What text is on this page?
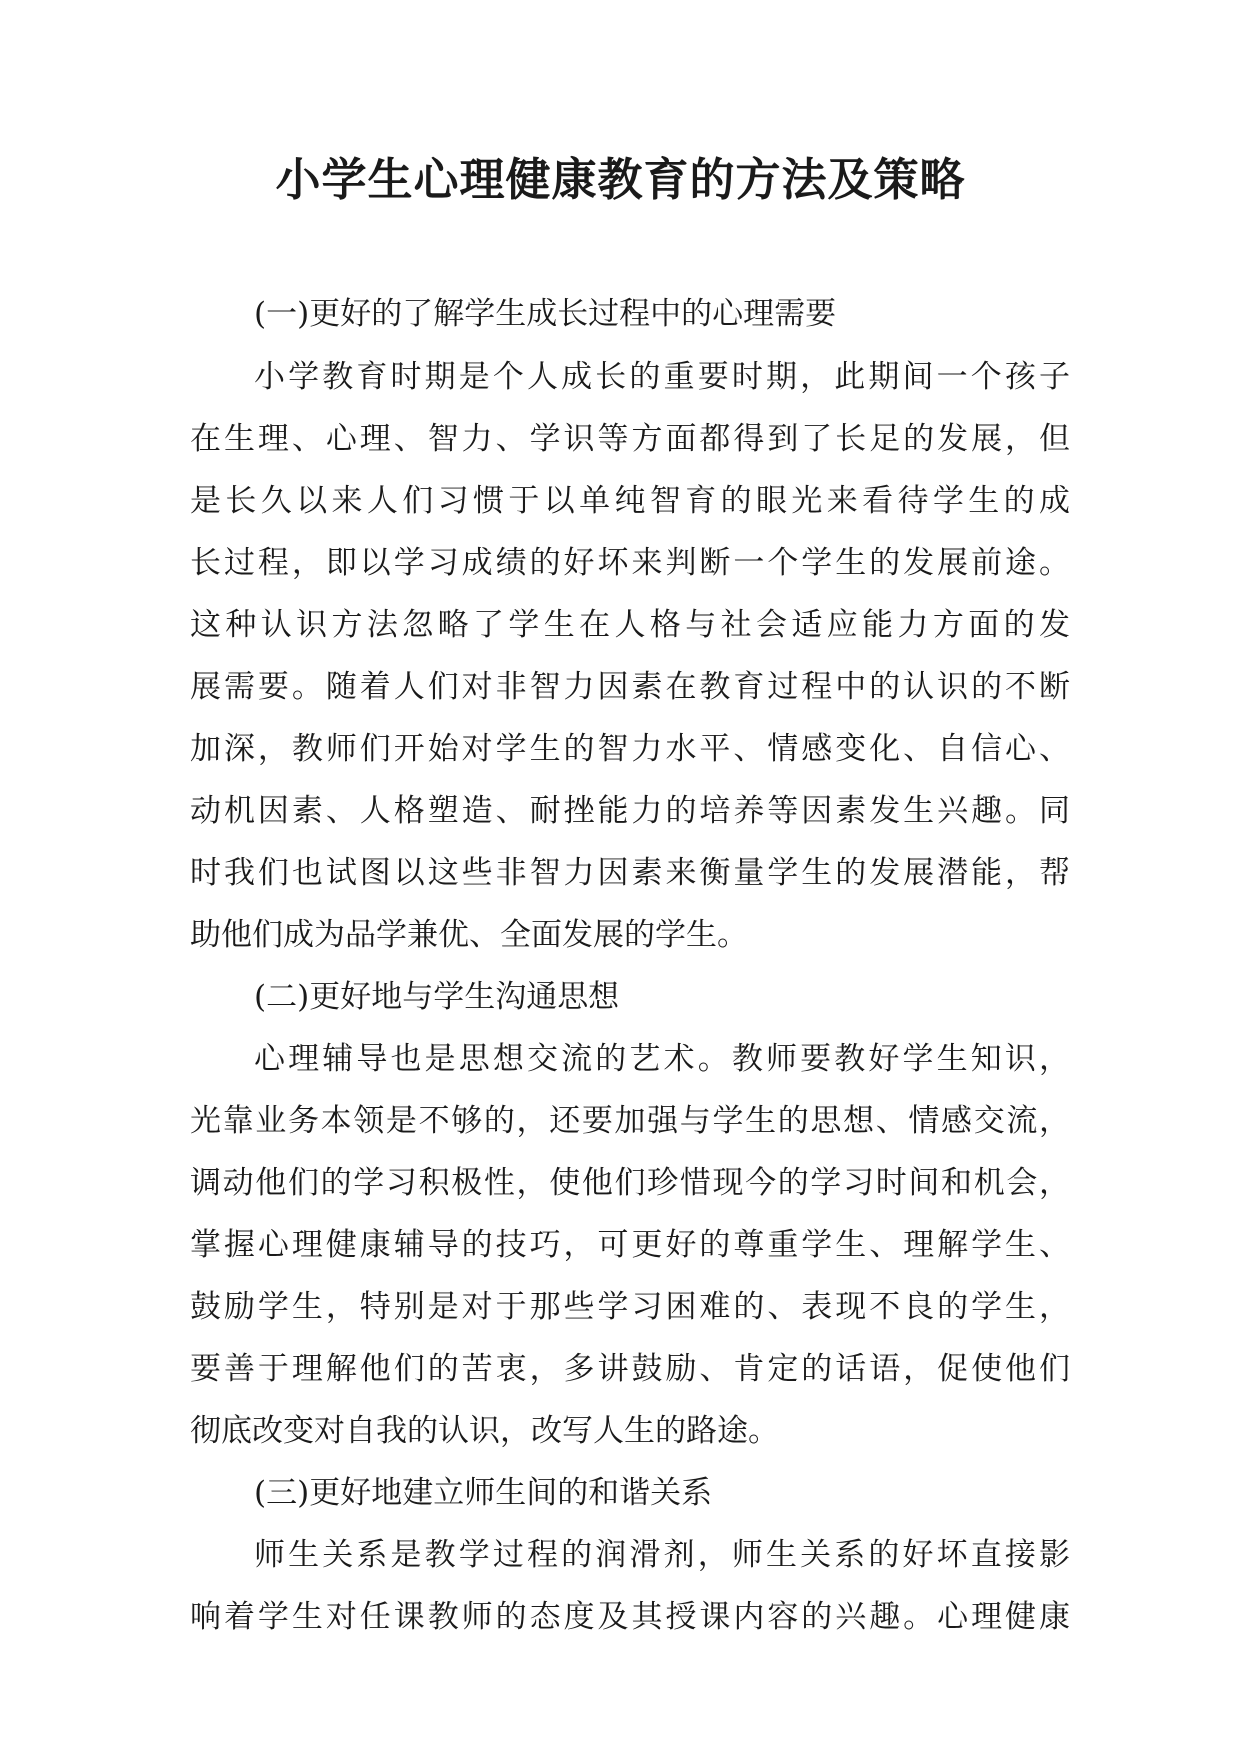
小学生心理健康教育的方法及策略

(一)更好的了解学生成长过程中的心理需要

小学教育时期是个人成长的重要时期，此期间一个孩子

在生理、心理、智力、学识等方面都得到了长足的发展，但

是长久以来人们习惯于以单纯智育的眼光来看待学生的成

长过程，即以学习成绩的好坏来判断一个学生的发展前途。

这种认识方法忽略了学生在人格与社会适应能力方面的发

展需要。随着人们对非智力因素在教育过程中的认识的不断

加深，教师们开始对学生的智力水平、情感变化、自信心、

动机因素、人格塑造、耐挫能力的培养等因素发生兴趣。同

时我们也试图以这些非智力因素来衡量学生的发展潜能，帮

助他们成为品学兼优、全面发展的学生。

(二)更好地与学生沟通思想

心理辅导也是思想交流的艺术。教师要教好学生知识，

光靠业务本领是不够的，还要加强与学生的思想、情感交流，

调动他们的学习积极性，使他们珍惜现今的学习时间和机会，

掌握心理健康辅导的技巧，可更好的尊重学生、理解学生、

鼓励学生，特别是对于那些学习困难的、表现不良的学生，

要善于理解他们的苦衷，多讲鼓励、肯定的话语，促使他们

彻底改变对自我的认识，改写人生的路途。

(三)更好地建立师生间的和谐关系

师生关系是教学过程的润滑剂，师生关系的好坏直接影

响着学生对任课教师的态度及其授课内容的兴趣。心理健康
